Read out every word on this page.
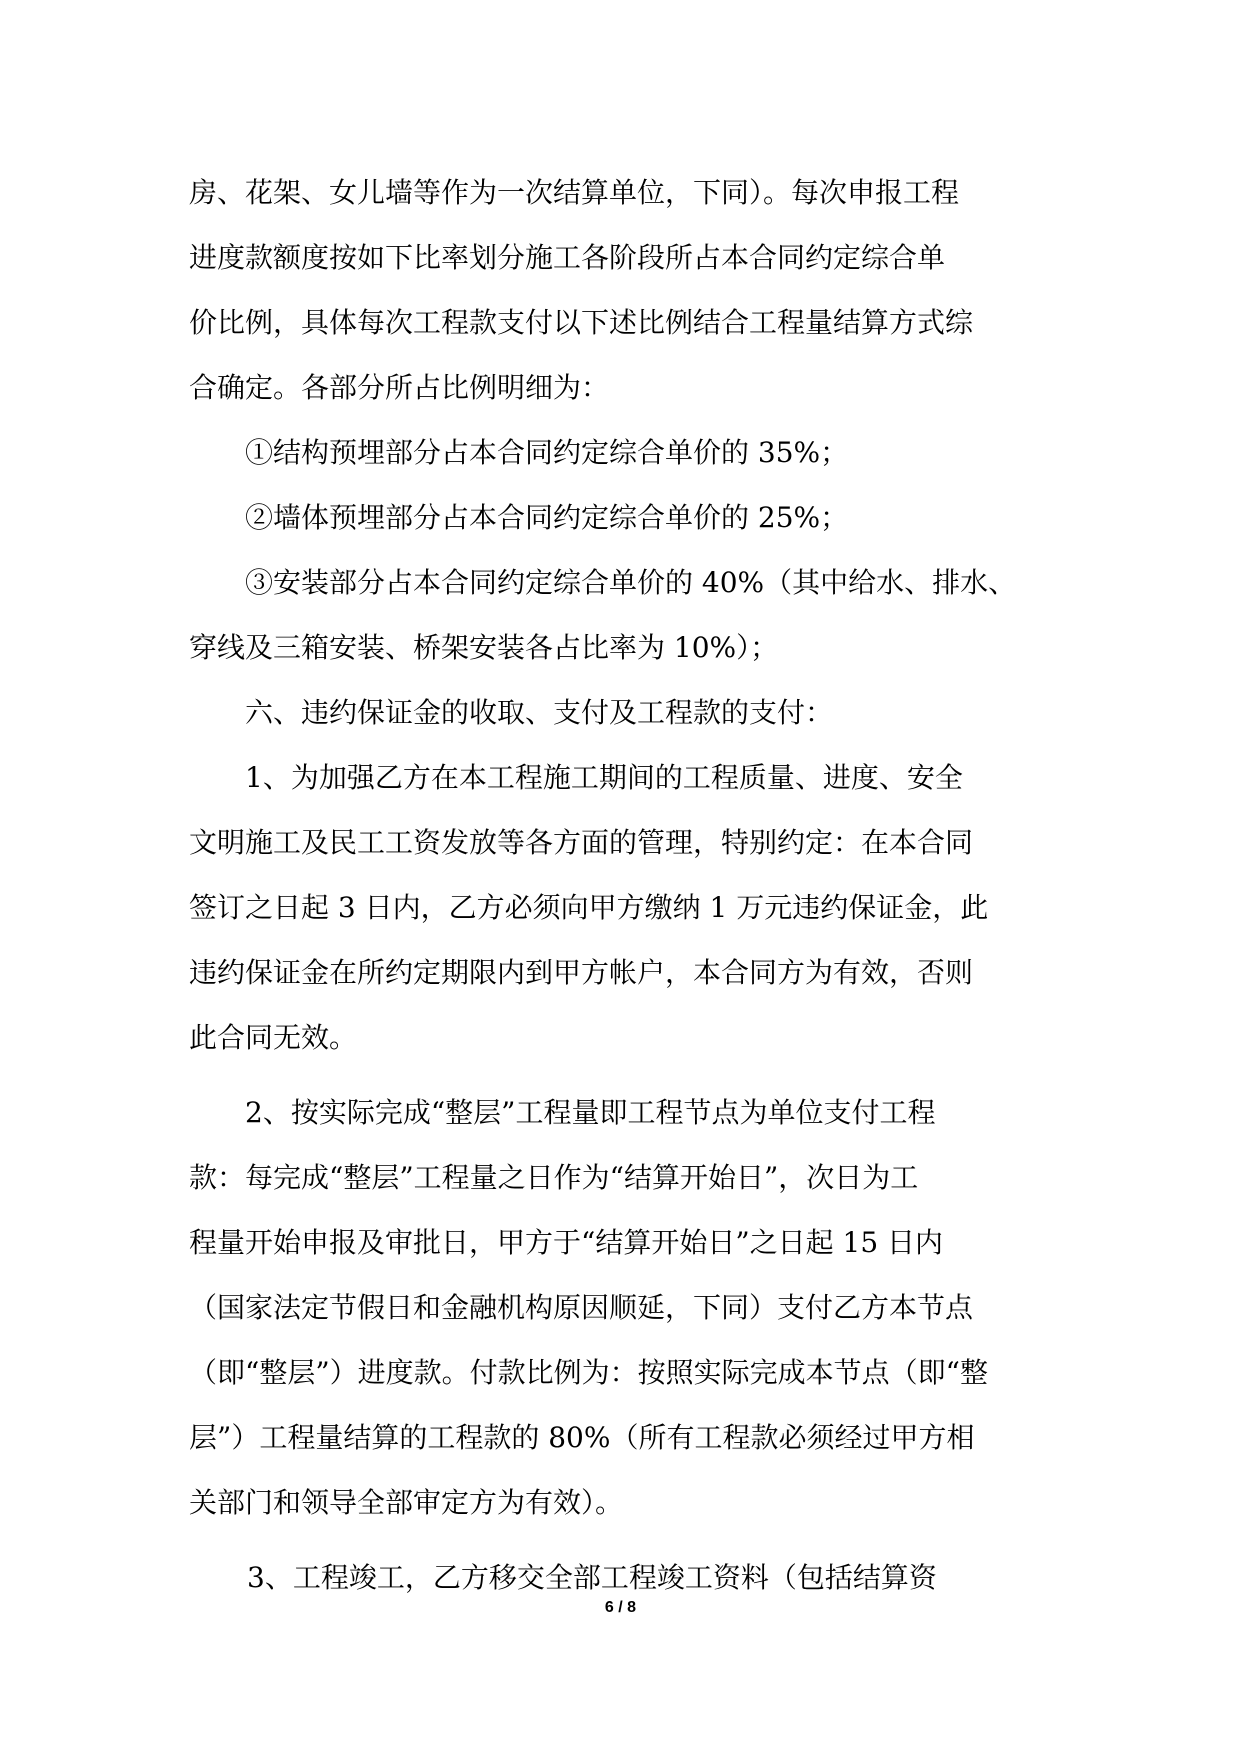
房、花架、女儿墙等作为一次结算单位，下同）。每次申报工程
进度款额度按如下比率划分施工各阶段所占本合同约定综合单
价比例，具体每次工程款支付以下述比例结合工程量结算方式综
合确定。各部分所占比例明细为：
①结构预埋部分占本合同约定综合单价的 35%；
②墙体预埋部分占本合同约定综合单价的 25%；
③安装部分占本合同约定综合单价的 40%（其中给水、排水、
穿线及三箱安装、桥架安装各占比率为 10%）；
六、违约保证金的收取、支付及工程款的支付：
1、为加强乙方在本工程施工期间的工程质量、进度、安全
文明施工及民工工资发放等各方面的管理，特别约定：在本合同
签订之日起 3 日内，乙方必须向甲方缴纳 1 万元违约保证金，此
违约保证金在所约定期限内到甲方帐户，本合同方为有效，否则
此合同无效。
2、按实际完成“整层”工程量即工程节点为单位支付工程
款：每完成“整层”工程量之日作为“结算开始日”，次日为工
程量开始申报及审批日，甲方于“结算开始日”之日起 15 日内
（国家法定节假日和金融机构原因顺延，下同）支付乙方本节点
（即“整层”）进度款。付款比例为：按照实际完成本节点（即“整
层”）工程量结算的工程款的 80%（所有工程款必须经过甲方相
关部门和领导全部审定方为有效）。
3、工程竣工，乙方移交全部工程竣工资料（包括结算资
6 / 8
